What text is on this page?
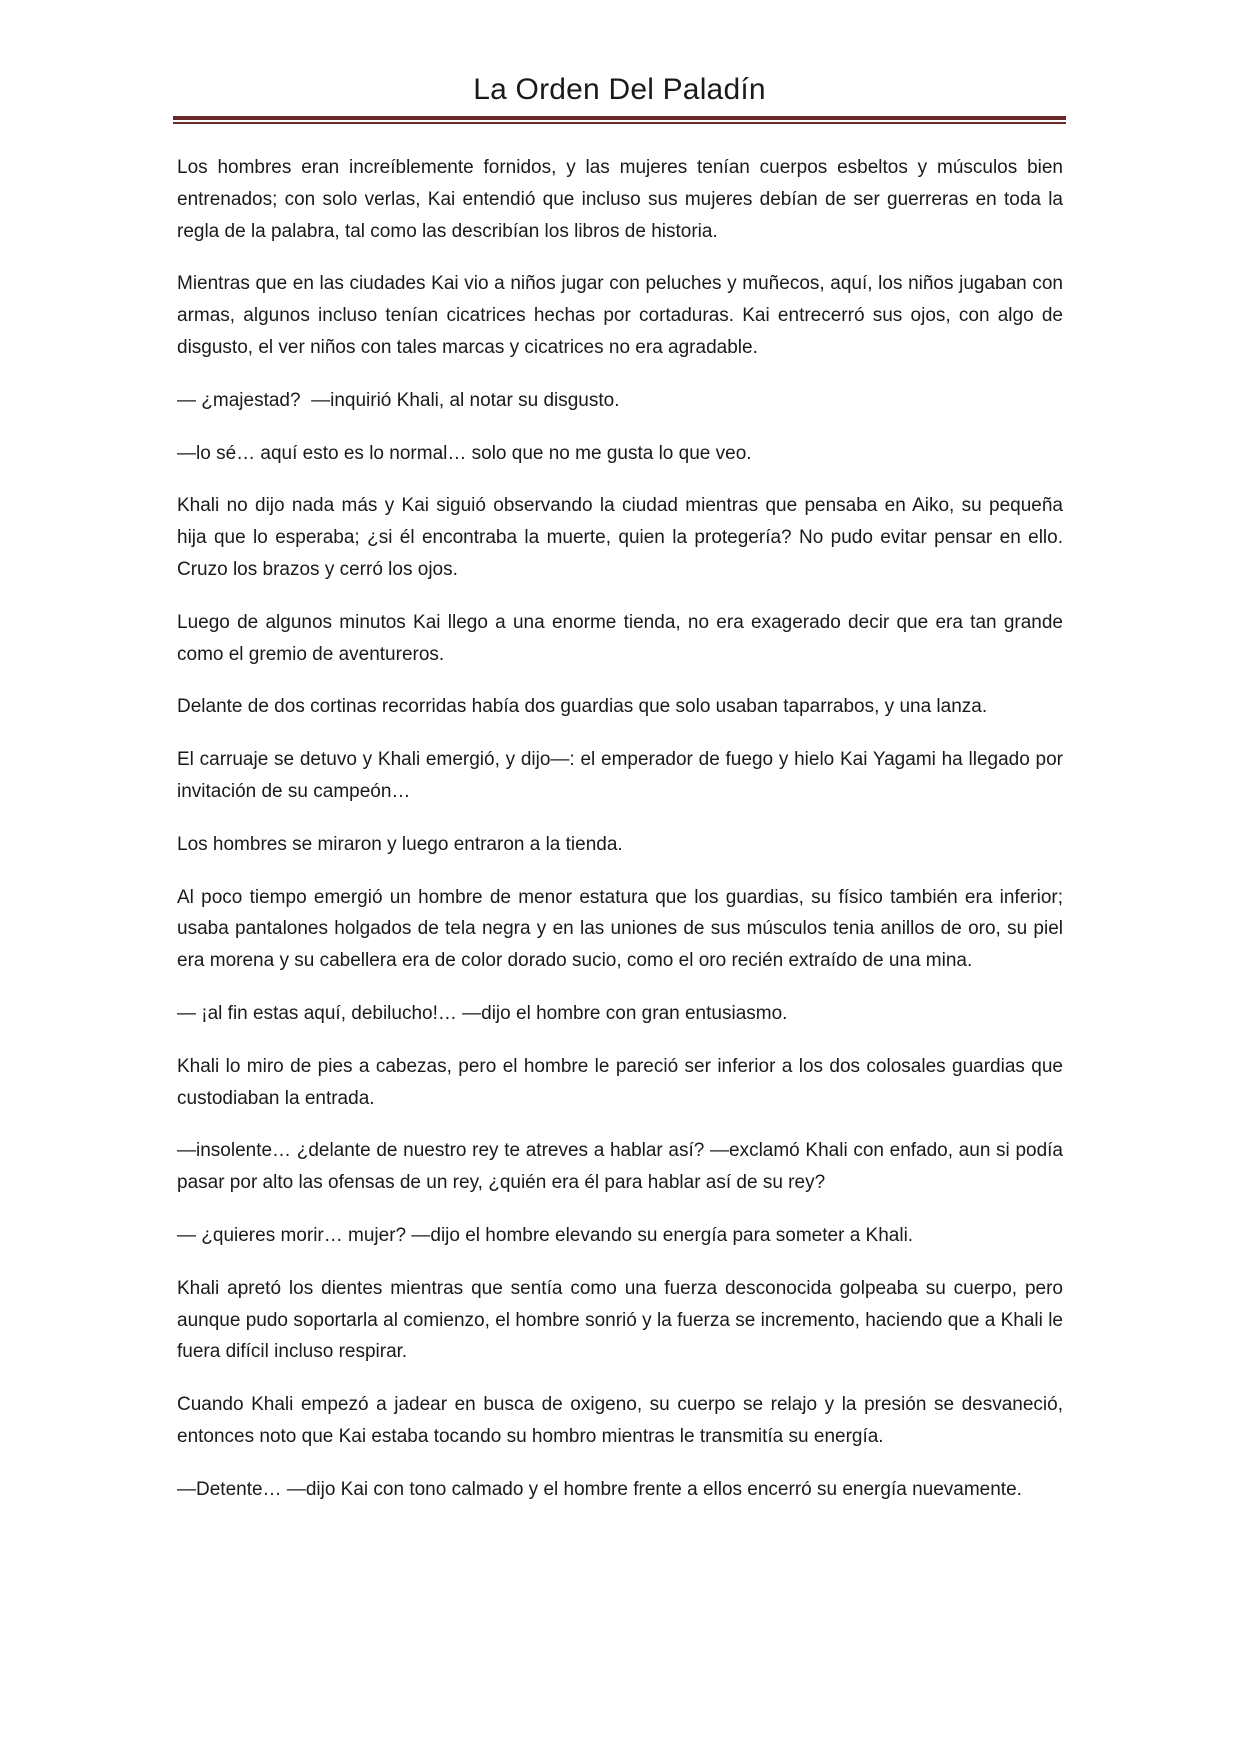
La Orden Del Paladín

Los hombres eran increíblemente fornidos, y las mujeres tenían cuerpos esbeltos y músculos bien entrenados; con solo verlas, Kai entendió que incluso sus mujeres debían de ser guerreras en toda la regla de la palabra, tal como las describían los libros de historia.

Mientras que en las ciudades Kai vio a niños jugar con peluches y muñecos, aquí, los niños jugaban con armas, algunos incluso tenían cicatrices hechas por cortaduras. Kai entrecerró sus ojos, con algo de disgusto, el ver niños con tales marcas y cicatrices no era agradable.

— ¿majestad?  —inquirió Khali, al notar su disgusto.

—lo sé… aquí esto es lo normal… solo que no me gusta lo que veo.

Khali no dijo nada más y Kai siguió observando la ciudad mientras que pensaba en Aiko, su pequeña hija que lo esperaba; ¿si él encontraba la muerte, quien la protegería? No pudo evitar pensar en ello. Cruzo los brazos y cerró los ojos.

Luego de algunos minutos Kai llego a una enorme tienda, no era exagerado decir que era tan grande como el gremio de aventureros.

Delante de dos cortinas recorridas había dos guardias que solo usaban taparrabos, y una lanza.

El carruaje se detuvo y Khali emergió, y dijo—: el emperador de fuego y hielo Kai Yagami ha llegado por invitación de su campeón…

Los hombres se miraron y luego entraron a la tienda.

Al poco tiempo emergió un hombre de menor estatura que los guardias, su físico también era inferior; usaba pantalones holgados de tela negra y en las uniones de sus músculos tenia anillos de oro, su piel era morena y su cabellera era de color dorado sucio, como el oro recién extraído de una mina.

— ¡al fin estas aquí, debilucho!… —dijo el hombre con gran entusiasmo.

Khali lo miro de pies a cabezas, pero el hombre le pareció ser inferior a los dos colosales guardias que custodiaban la entrada.

—insolente… ¿delante de nuestro rey te atreves a hablar así? —exclamó Khali con enfado, aun si podía pasar por alto las ofensas de un rey, ¿quién era él para hablar así de su rey?

— ¿quieres morir… mujer? —dijo el hombre elevando su energía para someter a Khali.

Khali apretó los dientes mientras que sentía como una fuerza desconocida golpeaba su cuerpo, pero aunque pudo soportarla al comienzo, el hombre sonrió y la fuerza se incremento, haciendo que a Khali le fuera difícil incluso respirar.

Cuando Khali empezó a jadear en busca de oxigeno, su cuerpo se relajo y la presión se desvaneció, entonces noto que Kai estaba tocando su hombro mientras le transmitía su energía.

—Detente… —dijo Kai con tono calmado y el hombre frente a ellos encerró su energía nuevamente.
